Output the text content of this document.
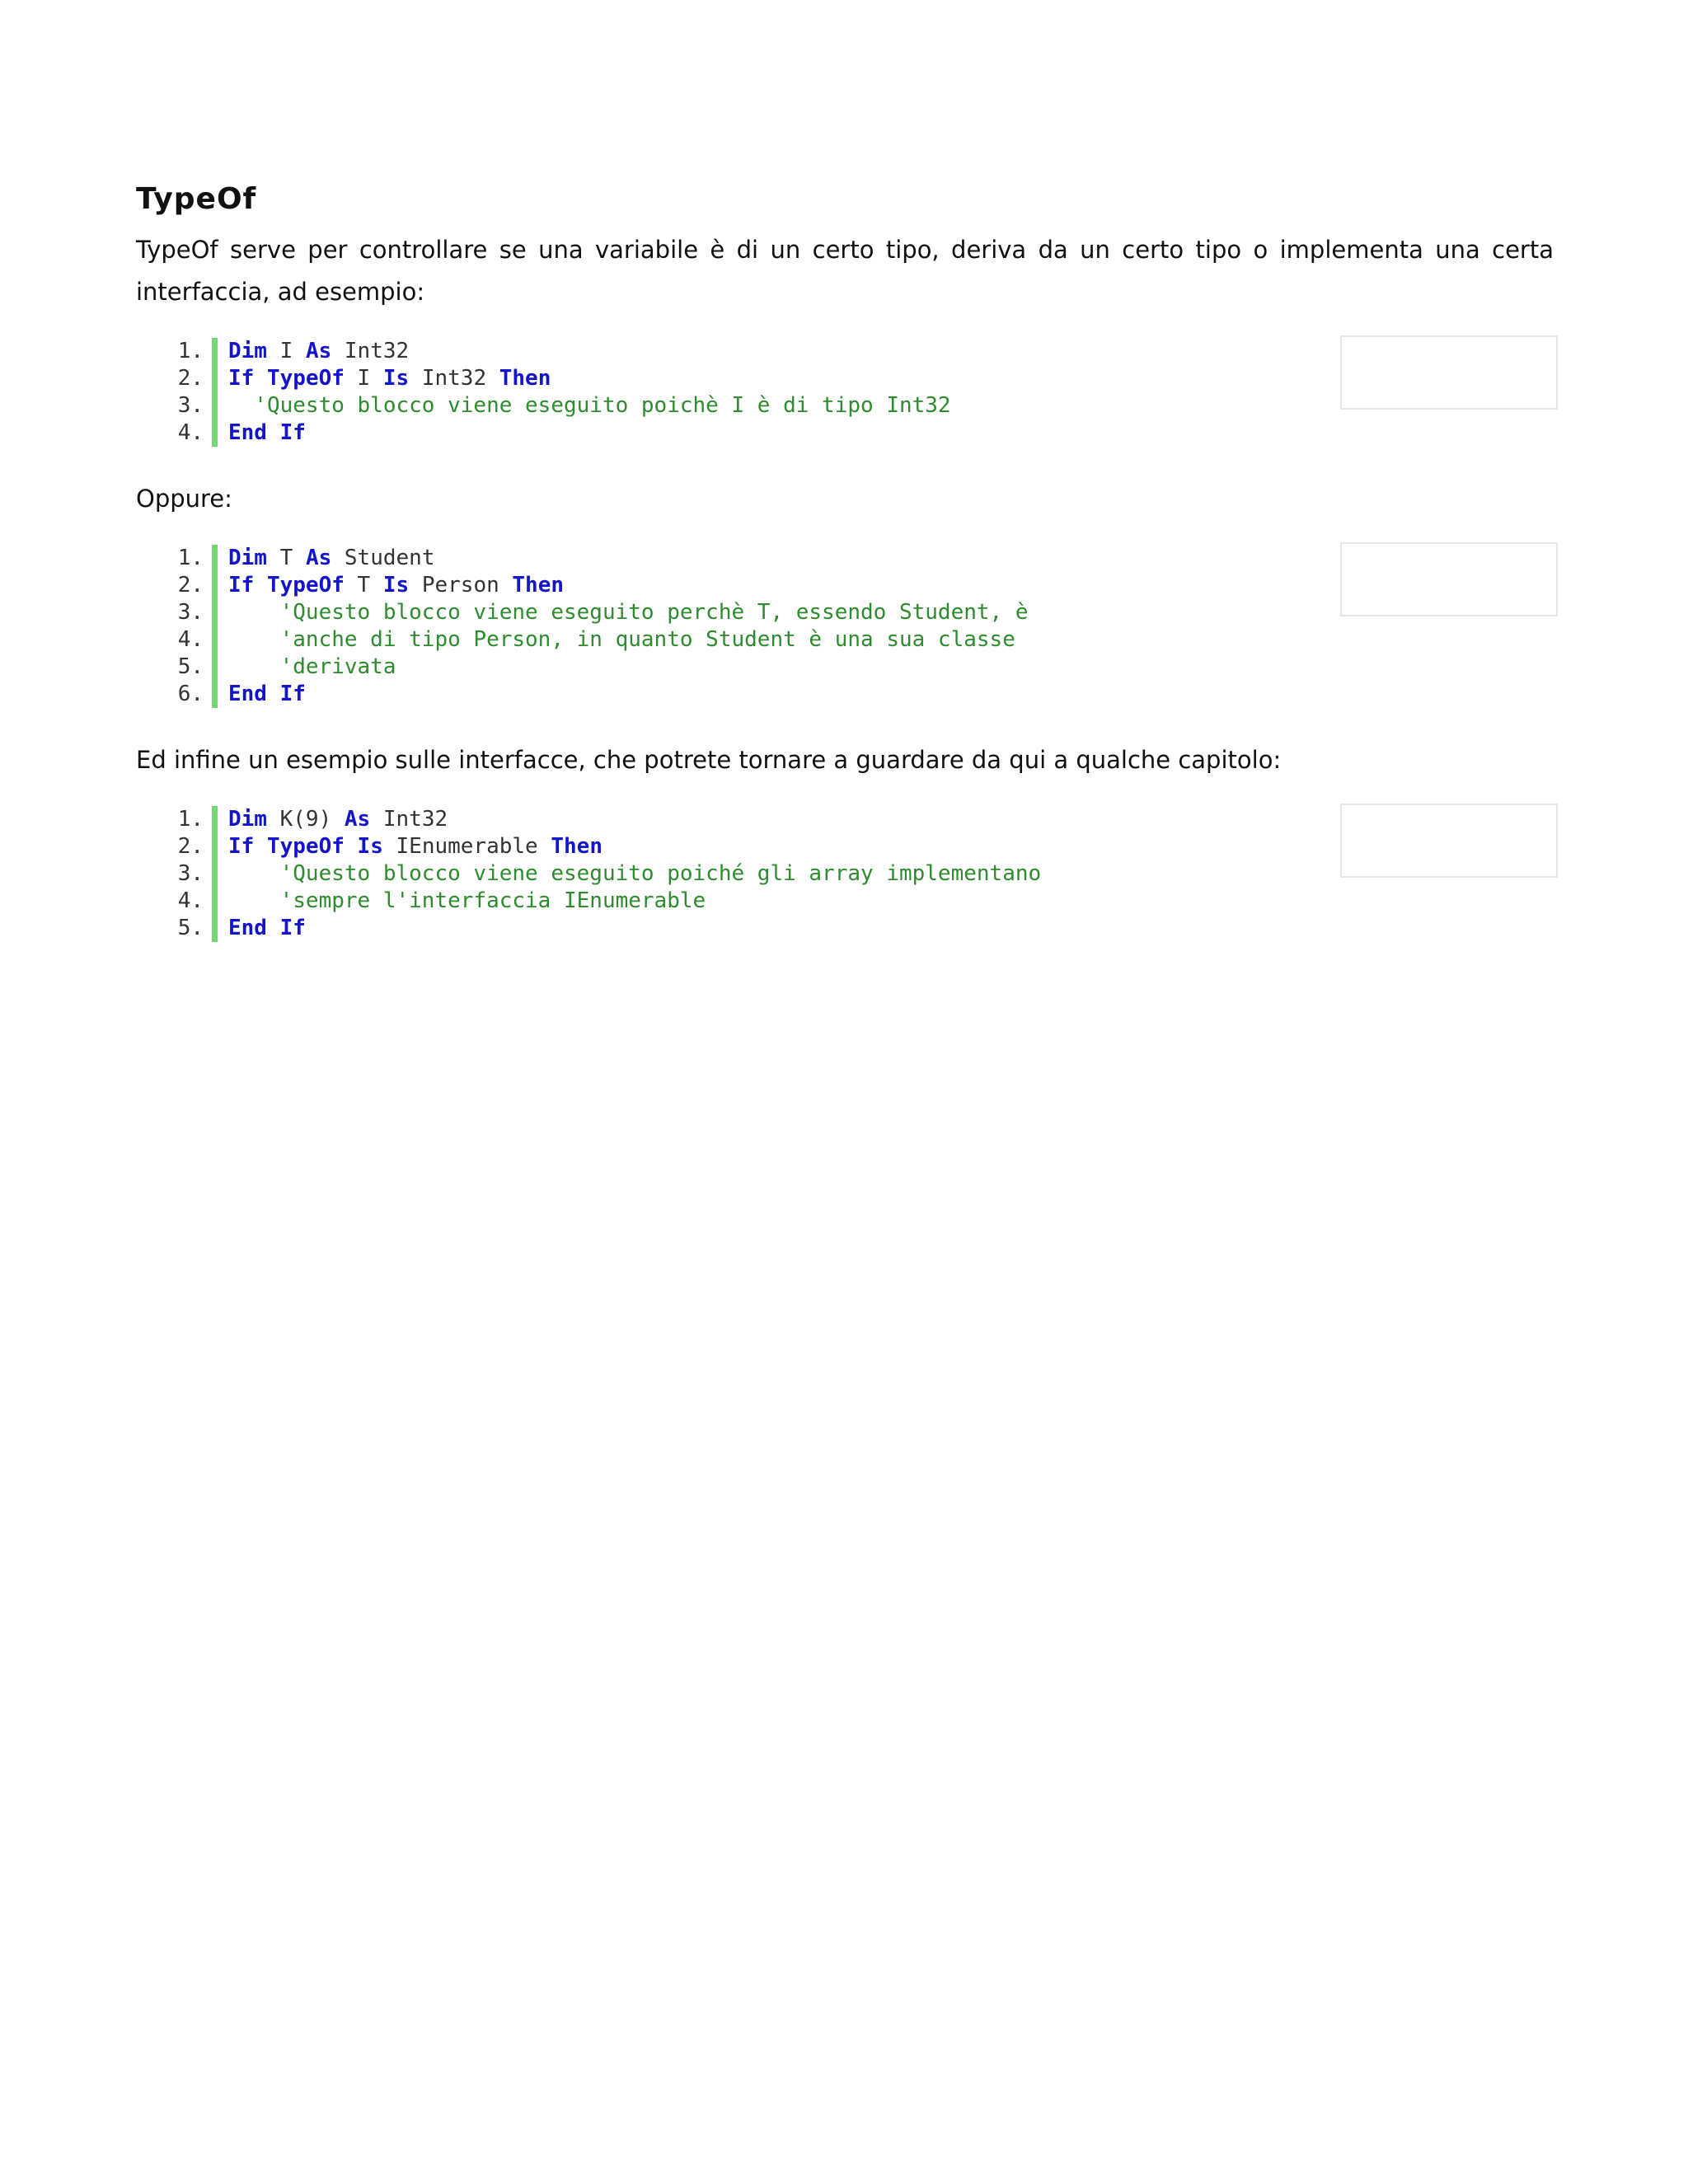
TypeOf

TypeOf serve per controllare se una variabile è di un certo tipo, deriva da un certo tipo o implementa una certa interfaccia, ad esempio:

1.	Dim I As Int32
2.	If TypeOf I Is Int32 Then
3.	'Questo blocco viene eseguito poichè I è di tipo Int32
4.	End If

Oppure:

1.	Dim T As Student
2.	If TypeOf T Is Person Then
3.	'Questo blocco viene eseguito perchè T, essendo Student, è
4.	'anche di tipo Person, in quanto Student è una sua classe
5.	'derivata
6.	End If

Ed infine un esempio sulle interfacce, che potrete tornare a guardare da qui a qualche capitolo:

1.	Dim K(9) As Int32
2.	If TypeOf Is IEnumerable Then
3.	'Questo blocco viene eseguito poiché gli array implementano
4.	'sempre l'interfaccia IEnumerable
5.	End If
